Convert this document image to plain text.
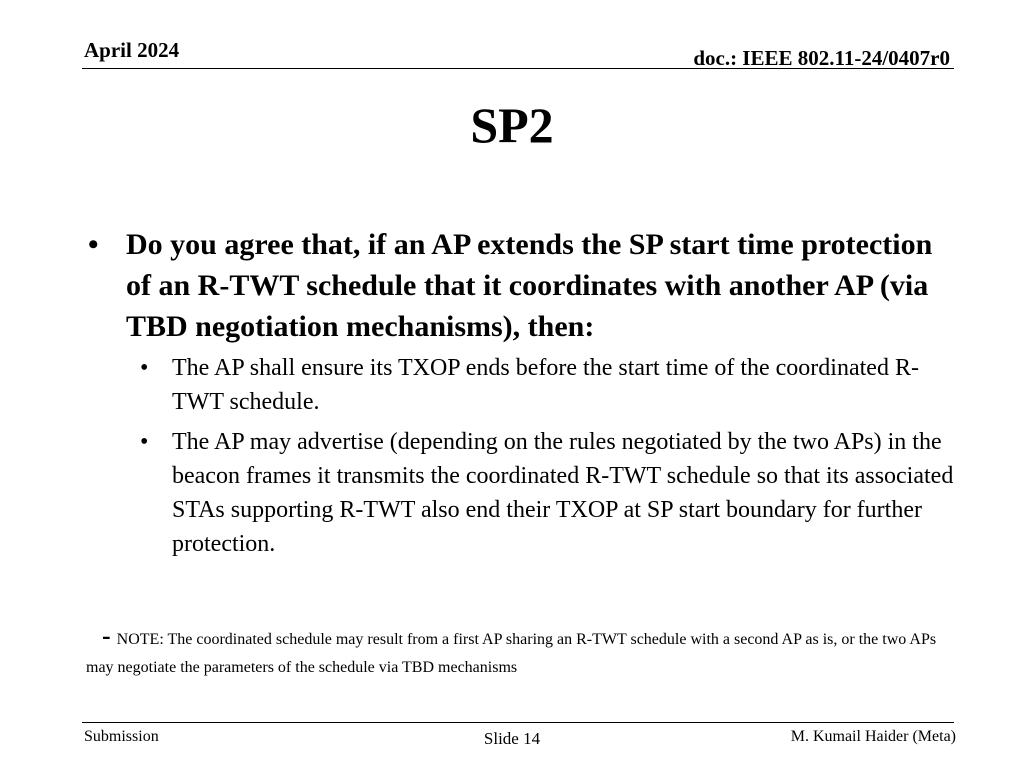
April 2024	doc.: IEEE 802.11-24/0407r0
SP2
• Do you agree that, if an AP extends the SP start time protection of an R-TWT schedule that it coordinates with another AP (via TBD negotiation mechanisms), then:
• The AP shall ensure its TXOP ends before the start time of the coordinated R-TWT schedule.
• The AP may advertise (depending on the rules negotiated by the two APs) in the beacon frames it transmits the coordinated R-TWT schedule so that its associated STAs supporting R-TWT also end their TXOP at SP start boundary for further protection.
- NOTE: The coordinated schedule may result from a first AP sharing an R-TWT schedule with a second AP as is, or the two APs may negotiate the parameters of the schedule via TBD mechanisms
Submission	Slide 14	M. Kumail Haider (Meta)
